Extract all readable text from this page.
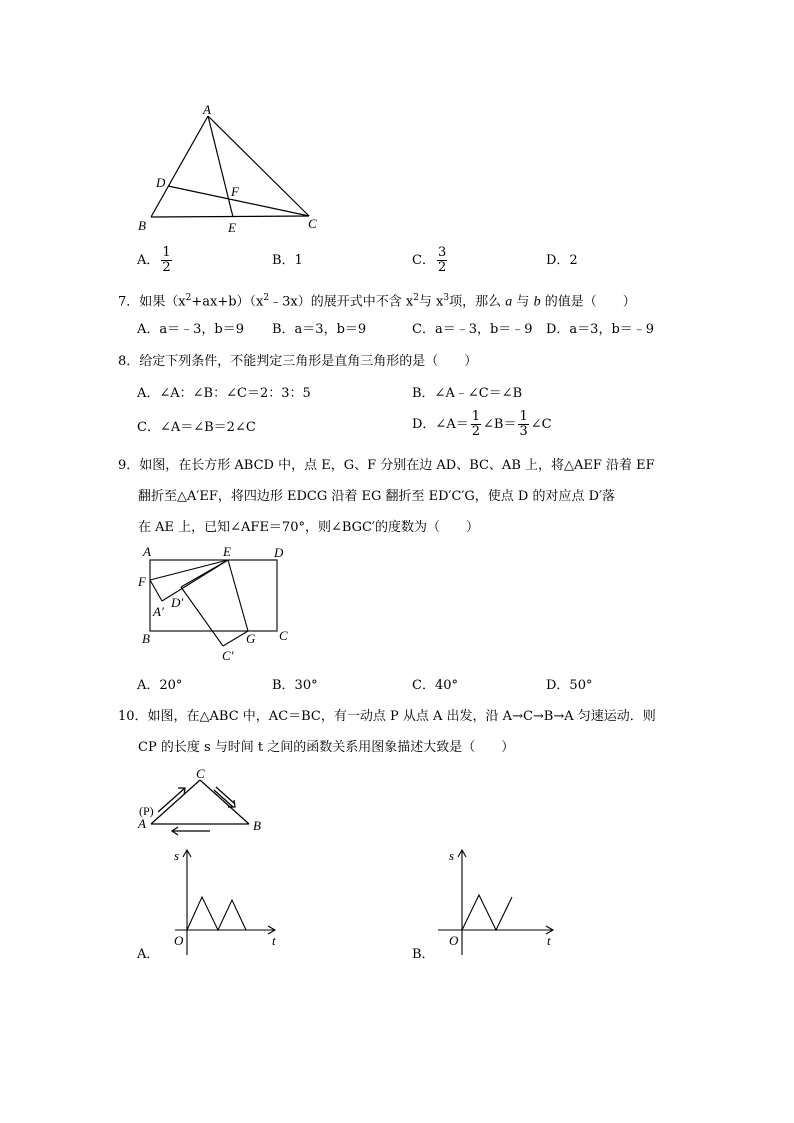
A
D
F
B	E	C
A． $\frac{1}{2}$	B．1	C． $\frac{3}{2}$	D．2
7．如果$(x^2+ax+b)(x^2﹣3x)$的展开式中不含 $x^2$与 $x^3$项，那么 a 与 b 的值是（　　）
A．a＝﹣3，b＝9 B．a＝3，b＝9	C．a＝﹣3，b＝﹣9 D．a＝3，b＝﹣9
8．给定下列条件，不能判定三角形是直角三角形的是（　　）
A．∠A：∠B：∠C＝2：3：5	B．∠A﹣∠C＝∠B
C．∠A＝∠B＝2∠C	D．∠A＝ $\frac{1}{2}$ ∠B＝ $\frac{1}{3}$ ∠C
9．如图，在长方形 ABCD 中，点 E，G、F 分别在边 AD、BC、AB 上，将△AEF 沿着 EF
翻折至△A′EF，将四边形 EDCG 沿着 EG 翻折至 ED′C′G，使点 D 的对应点 D′落
在 AE 上，已知∠AFE＝70°，则∠BGC′的度数为（　　）
A	E	D
F
D′
A′
B	G C
C′
A．20°	B．30°	C．40°	D．50°
10．如图，在△ABC 中，AC＝BC，有一动点 P 从点 A 出发，沿 A→C→B→A 匀速运动．则
CP 的长度 s 与时间 t 之间的函数关系用图象描述大致是（　　）
C
(P)
A	B
s
t
O
A．
s
t
O
B．
